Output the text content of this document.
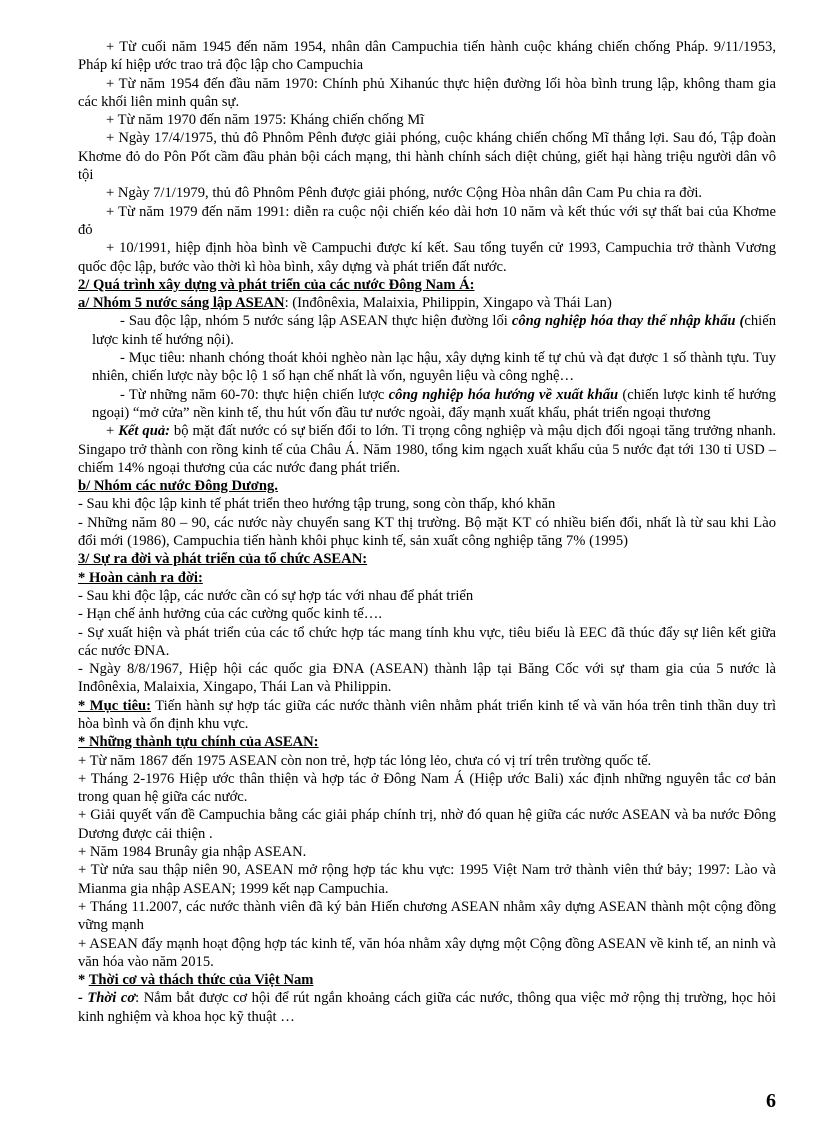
+ Từ cuối năm 1945 đến năm 1954, nhân dân Campuchia tiến hành cuộc kháng chiến chống Pháp. 9/11/1953, Pháp kí hiệp ước trao trả độc lập cho Campuchia

+ Từ năm 1954 đến đầu năm 1970: Chính phủ Xihanúc thực hiện đường lối hòa bình trung lập, không tham gia các khối liên minh quân sự.

+ Từ năm 1970 đến năm 1975: Kháng chiến chống Mĩ

+ Ngày 17/4/1975, thủ đô Phnôm Pênh được giải phóng, cuộc kháng chiến chống Mĩ thắng lợi. Sau đó, Tập đoàn Khơme đỏ do Pôn Pốt cầm đầu phản bội cách mạng, thi hành chính sách diệt chủng, giết hại hàng triệu người dân vô tội

+ Ngày 7/1/1979, thủ đô Phnôm Pênh được giải phóng, nước Cộng Hòa nhân dân Cam Pu chia ra đời.

+ Từ năm 1979 đến năm 1991: diễn ra cuộc nội chiến kéo dài hơn 10 năm và kết thúc với sự thất bai của Khơme đỏ

+ 10/1991, hiệp định hòa bình về Campuchi được kí kết. Sau tổng tuyển cử 1993, Campuchia trở thành Vương quốc độc lập, bước vào thời kì hòa bình, xây dựng và phát triển đất nước.

2/ Quá trình xây dựng và phát triển của các nước Đông Nam Á:

a/ Nhóm 5 nước sáng lập ASEAN: (Inđônêxia, Malaixia, Philippin, Xingapo và Thái Lan)

- Sau độc lập, nhóm 5 nước sáng lập ASEAN thực hiện đường lối công nghiệp hóa thay thế nhập khẩu (chiến lược kinh tế hướng nội).

- Mục tiêu: nhanh chóng thoát khỏi nghèo nàn lạc hậu, xây dựng kinh tế tự chủ và đạt được 1 số thành tựu. Tuy nhiên, chiến lược này bộc lộ 1 số hạn chế nhất là vốn, nguyên liệu và công nghệ…

- Từ những năm 60-70: thực hiện chiến lược công nghiệp hóa hướng về xuất khẩu (chiến lược kinh tế hướng ngoại) “mở cửa” nền kinh tế, thu hút vốn đầu tư nước ngoài, đẩy mạnh xuất khẩu, phát triển ngoại thương

+ Kết quả: bộ mặt đất nước có sự biến đổi to lớn. Tỉ trọng công nghiệp và mậu dịch đối ngoại tăng trưởng nhanh. Singapo trở thành con rồng kinh tế của Châu Á. Năm 1980, tổng kim ngạch xuất khẩu của 5 nước đạt tới 130 tỉ USD – chiếm 14% ngoại thương của các nước đang phát triển.

b/ Nhóm các nước Đông Dương.

- Sau khi độc lập kinh tế phát triển theo hướng tập trung, song còn thấp, khó khăn

- Những năm 80 – 90, các nước này chuyển sang KT thị trường. Bộ mặt KT có nhiều biến đổi, nhất là từ sau khi Lào đổi mới (1986), Campuchia tiến hành khôi phục kinh tế, sản xuất công nghiệp tăng 7% (1995)

3/ Sự ra đời và phát triển của tổ chức ASEAN:

* Hoàn cảnh ra đời:

- Sau khi độc lập, các nước cần có sự hợp tác với nhau để phát triển

- Hạn chế ảnh hưởng của các cường quốc kinh tế….

- Sự xuất hiện và phát triển của các tổ chức hợp tác mang tính khu vực, tiêu biểu là EEC đã thúc đẩy sự liên kết giữa các nước ĐNA.

- Ngày 8/8/1967, Hiệp hội các quốc gia ĐNA (ASEAN) thành lập tại Băng Cốc với sự tham gia của 5 nước là Inđônêxia, Malaixia, Xingapo, Thái Lan và Philippin.

* Mục tiêu: Tiến hành sự hợp tác giữa các nước thành viên nhằm phát triển kinh tế và văn hóa trên tinh thần duy trì hòa bình và ổn định khu vực.

* Những thành tựu chính của ASEAN:

+ Từ năm 1867 đến 1975 ASEAN còn non trẻ, hợp tác lỏng lẻo, chưa có vị trí trên trường quốc tế.

+ Tháng 2-1976 Hiệp ước thân thiện và hợp tác ở Đông Nam Á (Hiệp ước Bali) xác định những nguyên tắc cơ bản trong quan hệ giữa các nước.

+ Giải quyết vấn đề Campuchia bằng các giải pháp chính trị, nhờ đó quan hệ giữa các nước ASEAN và ba nước Đông Dương được cải thiện .

+ Năm 1984 Brunây gia nhập ASEAN.

+ Từ nửa sau thập niên 90, ASEAN mở rộng hợp tác khu vực: 1995 Việt Nam trở thành viên thứ bảy; 1997: Lào và Mianma gia nhập ASEAN; 1999 kết nạp Campuchia.

+ Tháng 11.2007, các nước thành viên đã ký bản Hiến chương ASEAN nhằm xây dựng ASEAN thành một cộng đồng vững mạnh

+ ASEAN đẩy mạnh hoạt động hợp tác kinh tế, văn hóa nhằm xây dựng một Cộng đồng ASEAN về kinh tế, an ninh và văn hóa vào năm 2015.

* Thời cơ và thách thức của Việt Nam

- Thời cơ: Nắm bắt được cơ hội để rút ngắn khoảng cách giữa các nước, thông qua việc mở rộng thị trường, học hỏi kinh nghiệm và khoa học kỹ thuật …

6
